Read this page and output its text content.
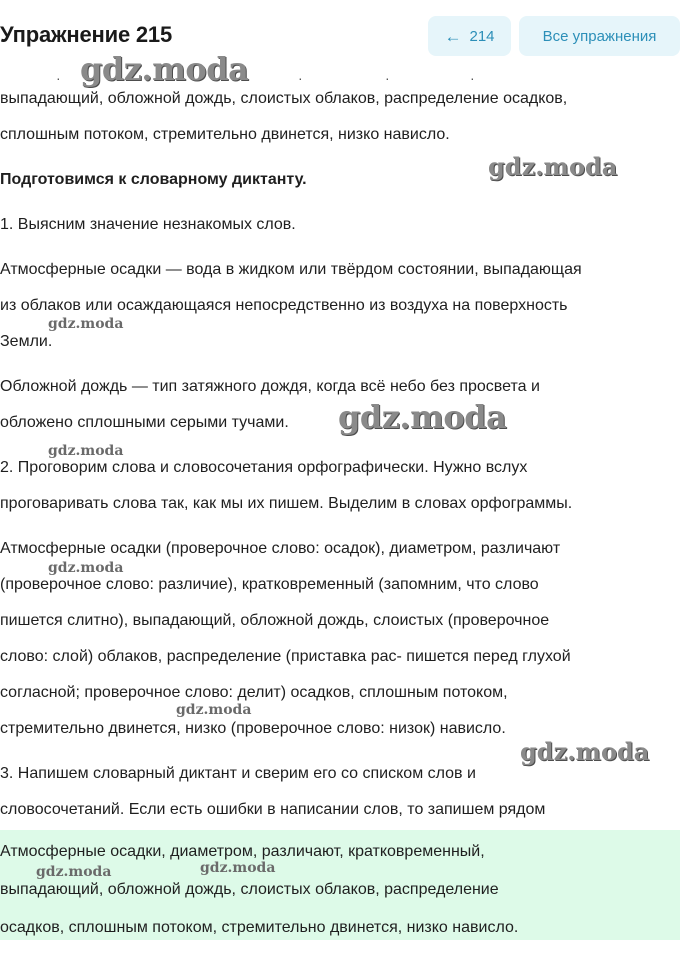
Упражнение 215	← 214	Все упражнения
·	·	·	·
выпадающий, обложной дождь, слоистых облаков, распределение осадков,
сплошным потоком, стремительно двинется, низко нависло.
Подготовимся к словарному диктанту.
1. Выясним значение незнакомых слов.
Атмосферные осадки — вода в жидком или твёрдом состоянии, выпадающая
из облаков или осаждающаяся непосредственно из воздуха на поверхность
Земли.
Обложной дождь — тип затяжного дождя, когда всё небо без просвета и
обложено сплошными серыми тучами.
2. Проговорим слова и словосочетания орфографически. Нужно вслух
проговаривать слова так, как мы их пишем. Выделим в словах орфограммы.
Атмосферные осадки (проверочное слово: осадок), диаметром, различают
(проверочное слово: различие), кратковременный (запомним, что слово
пишется слитно), выпадающий, обложной дождь, слоистых (проверочное
слово: слой) облаков, распределение (приставка рас- пишется перед глухой
согласной; проверочное слово: делит) осадков, сплошным потоком,
стремительно двинется, низко (проверочное слово: низок) нависло.
3. Напишем словарный диктант и сверим его со списком слов и
словосочетаний. Если есть ошибки в написании слов, то запишем рядом
Атмосферные осадки, диаметром, различают, кратковременный,
выпадающий, обложной дождь, слоистых облаков, распределение
осадков, сплошным потоком, стремительно двинется, низко нависло.
gdz.moda
gdz.moda
gdz.moda
gdz.moda
gdz.moda
gdz.moda
gdz.moda
gdz.moda
gdz.moda	gdz.moda
